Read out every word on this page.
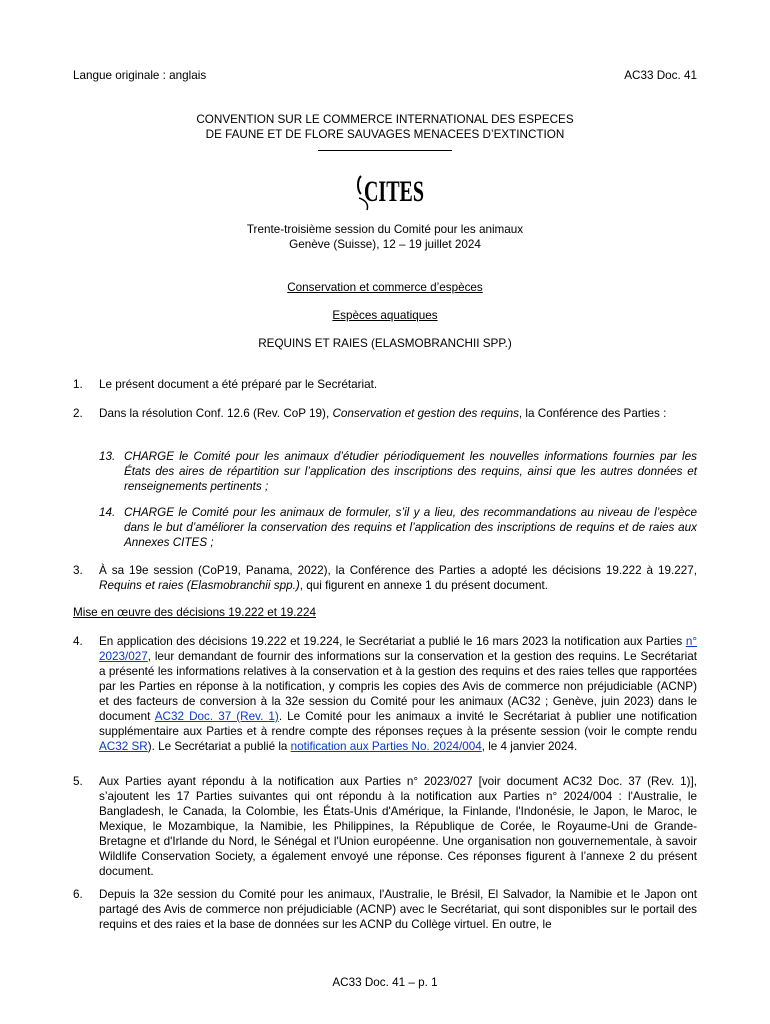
Langue originale : anglais	AC33 Doc. 41
CONVENTION SUR LE COMMERCE INTERNATIONAL DES ESPECES
DE FAUNE ET DE FLORE SAUVAGES MENACEES D’EXTINCTION
CITES
Trente-troisième session du Comité pour les animaux
Genève (Suisse), 12 – 19 juillet 2024
Conservation et commerce d’espèces
Espèces aquatiques
REQUINS ET RAIES (ELASMOBRANCHII SPP.)
1. Le présent document a été préparé par le Secrétariat.
2. Dans la résolution Conf. 12.6 (Rev. CoP 19), Conservation et gestion des requins, la Conférence des Parties :
13. CHARGE le Comité pour les animaux d’étudier périodiquement les nouvelles informations fournies par les États des aires de répartition sur l’application des inscriptions des requins, ainsi que les autres données et renseignements pertinents ;
14. CHARGE le Comité pour les animaux de formuler, s’il y a lieu, des recommandations au niveau de l’espèce dans le but d’améliorer la conservation des requins et l’application des inscriptions de requins et de raies aux Annexes CITES ;
3. À sa 19e session (CoP19, Panama, 2022), la Conférence des Parties a adopté les décisions 19.222 à 19.227, Requins et raies (Elasmobranchii spp.), qui figurent en annexe 1 du présent document.
Mise en œuvre des décisions 19.222 et 19.224
4. En application des décisions 19.222 et 19.224, le Secrétariat a publié le 16 mars 2023 la notification aux Parties n° 2023/027, leur demandant de fournir des informations sur la conservation et la gestion des requins. Le Secrétariat a présenté les informations relatives à la conservation et à la gestion des requins et des raies telles que rapportées par les Parties en réponse à la notification, y compris les copies des Avis de commerce non préjudiciable (ACNP) et des facteurs de conversion à la 32e session du Comité pour les animaux (AC32 ; Genève, juin 2023) dans le document AC32 Doc. 37 (Rev. 1). Le Comité pour les animaux a invité le Secrétariat à publier une notification supplémentaire aux Parties et à rendre compte des réponses reçues à la présente session (voir le compte rendu AC32 SR). Le Secrétariat a publié la notification aux Parties No. 2024/004, le 4 janvier 2024.
5. Aux Parties ayant répondu à la notification aux Parties n° 2023/027 [voir document AC32 Doc. 37 (Rev. 1)], s’ajoutent les 17 Parties suivantes qui ont répondu à la notification aux Parties n° 2024/004 : l'Australie, le Bangladesh, le Canada, la Colombie, les États-Unis d'Amérique, la Finlande, l'Indonésie, le Japon, le Maroc, le Mexique, le Mozambique, la Namibie, les Philippines, la République de Corée, le Royaume-Uni de Grande-Bretagne et d'Irlande du Nord, le Sénégal et l'Union européenne. Une organisation non gouvernementale, à savoir Wildlife Conservation Society, a également envoyé une réponse. Ces réponses figurent à l’annexe 2 du présent document.
6. Depuis la 32e session du Comité pour les animaux, l'Australie, le Brésil, El Salvador, la Namibie et le Japon ont partagé des Avis de commerce non préjudiciable (ACNP) avec le Secrétariat, qui sont disponibles sur le portail des requins et des raies et la base de données sur les ACNP du Collège virtuel. En outre, le
AC33 Doc. 41 – p. 1
